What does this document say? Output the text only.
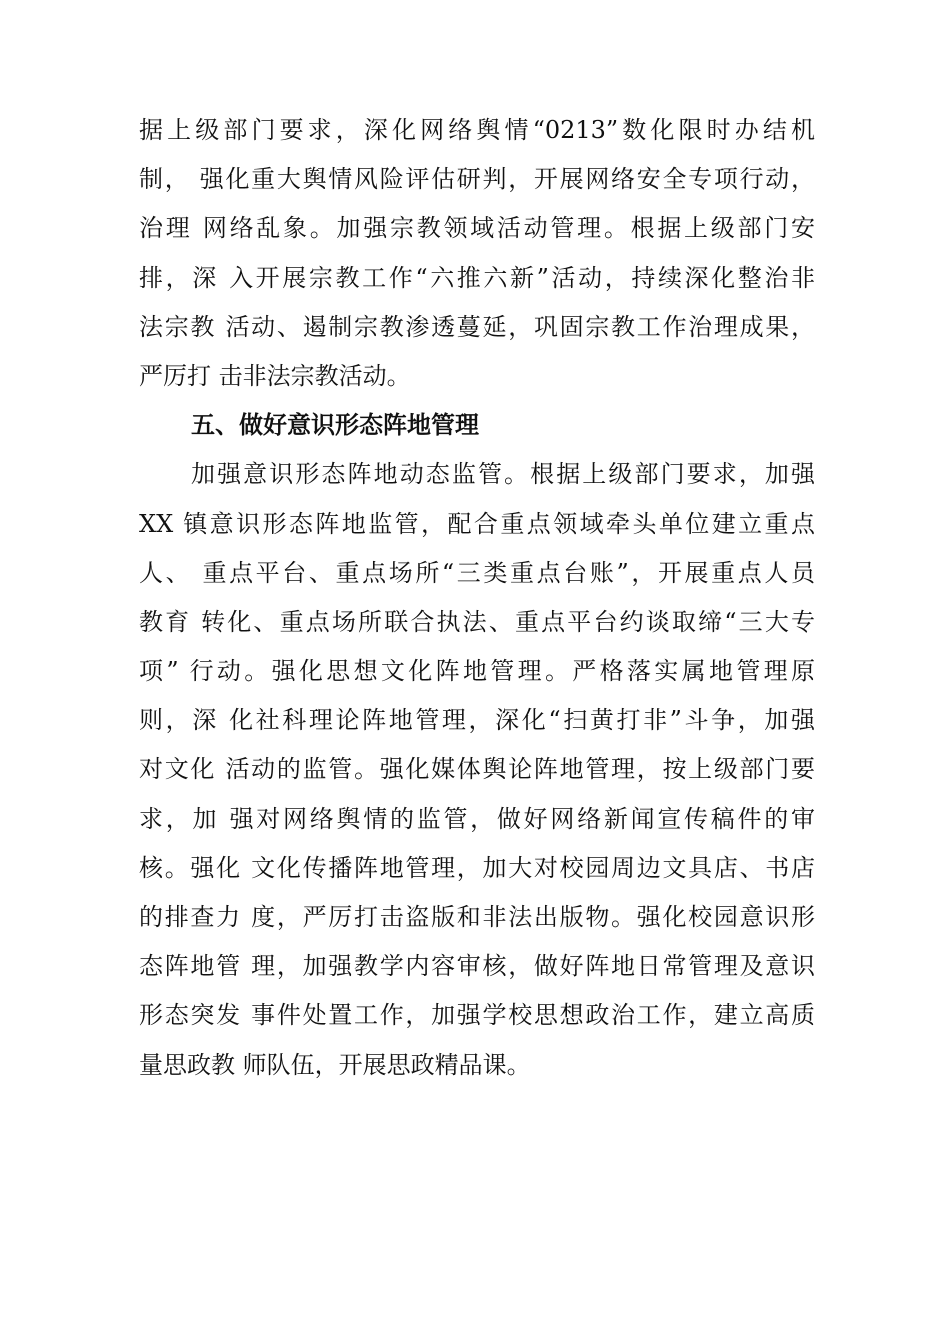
据上级部门要求，深化网络舆情“0213”数化限时办结机
制， 强化重大舆情风险评估研判，开展网络安全专项行动，
治理 网络乱象。加强宗教领域活动管理。根据上级部门安
排，深 入开展宗教工作“六推六新”活动，持续深化整治非
法宗教 活动、遏制宗教渗透蔓延，巩固宗教工作治理成果，
严厉打 击非法宗教活动。
五、做好意识形态阵地管理
加强意识形态阵地动态监管。根据上级部门要求，加强
XX 镇意识形态阵地监管，配合重点领域牵头单位建立重点
人、 重点平台、重点场所“三类重点台账”，开展重点人员
教育 转化、重点场所联合执法、重点平台约谈取缔“三大专
项” 行动。强化思想文化阵地管理。严格落实属地管理原
则，深 化社科理论阵地管理，深化“扫黄打非”斗争，加强
对文化 活动的监管。强化媒体舆论阵地管理，按上级部门要
求，加 强对网络舆情的监管，做好网络新闻宣传稿件的审
核。强化 文化传播阵地管理，加大对校园周边文具店、书店
的排查力 度，严厉打击盗版和非法出版物。强化校园意识形
态阵地管 理，加强教学内容审核，做好阵地日常管理及意识
形态突发 事件处置工作，加强学校思想政治工作，建立高质
量思政教 师队伍，开展思政精品课。
